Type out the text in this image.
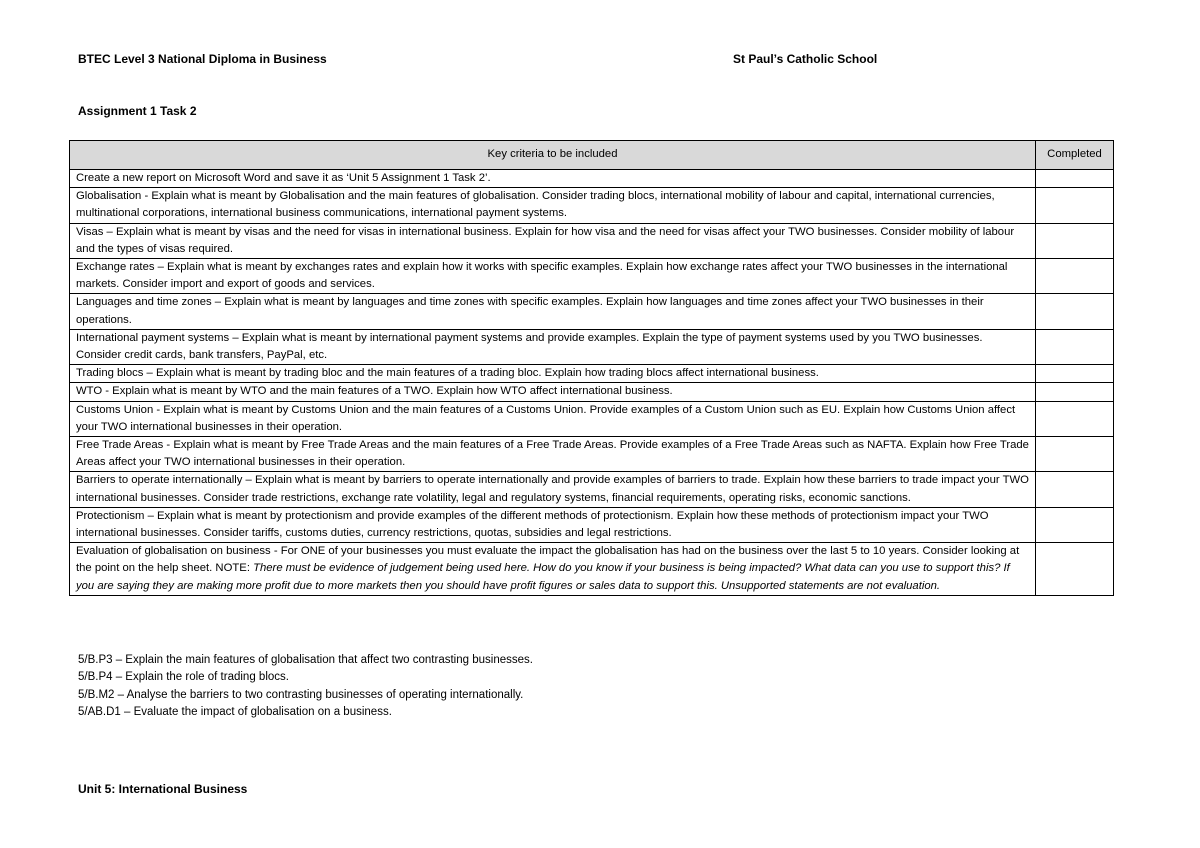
BTEC Level 3 National Diploma in Business	St Paul’s Catholic School
Assignment 1 Task 2
Key criteria to be included	Completed
Create a new report on Microsoft Word and save it as ‘Unit 5 Assignment 1 Task 2’.	
Globalisation - Explain what is meant by Globalisation and the main features of globalisation. Consider trading blocs, international mobility of labour and capital, international currencies, multinational corporations, international business communications, international payment systems.	
Visas – Explain what is meant by visas and the need for visas in international business. Explain for how visa and the need for visas affect your TWO businesses. Consider mobility of labour and the types of visas required.	
Exchange rates – Explain what is meant by exchanges rates and explain how it works with specific examples. Explain how exchange rates affect your TWO businesses in the international markets. Consider import and export of goods and services.	
Languages and time zones – Explain what is meant by languages and time zones with specific examples. Explain how languages and time zones affect your TWO businesses in their operations.	
International payment systems – Explain what is meant by international payment systems and provide examples. Explain the type of payment systems used by you TWO businesses. Consider credit cards, bank transfers, PayPal, etc.	
Trading blocs – Explain what is meant by trading bloc and the main features of a trading bloc. Explain how trading blocs affect international business.	
WTO - Explain what is meant by WTO and the main features of a TWO. Explain how WTO affect international business.	
Customs Union - Explain what is meant by Customs Union and the main features of a Customs Union. Provide examples of a Custom Union such as EU. Explain how Customs Union affect your TWO international businesses in their operation.	
Free Trade Areas - Explain what is meant by Free Trade Areas and the main features of a Free Trade Areas. Provide examples of a Free Trade Areas such as NAFTA. Explain how Free Trade Areas affect your TWO international businesses in their operation.	
Barriers to operate internationally – Explain what is meant by barriers to operate internationally and provide examples of barriers to trade. Explain how these barriers to trade impact your TWO international businesses. Consider trade restrictions, exchange rate volatility, legal and regulatory systems, financial requirements, operating risks, economic sanctions.	
Protectionism – Explain what is meant by protectionism and provide examples of the different methods of protectionism. Explain how these methods of protectionism impact your TWO international businesses. Consider tariffs, customs duties, currency restrictions, quotas, subsidies and legal restrictions.	
Evaluation of globalisation on business - For ONE of your businesses you must evaluate the impact the globalisation has had on the business over the last 5 to 10 years. Consider looking at the point on the help sheet. NOTE: There must be evidence of judgement being used here. How do you know if your business is being impacted? What data can you use to support this? If you are saying they are making more profit due to more markets then you should have profit figures or sales data to support this. Unsupported statements are not evaluation.	
5/B.P3 – Explain the main features of globalisation that affect two contrasting businesses.
5/B.P4 – Explain the role of trading blocs.
5/B.M2 – Analyse the barriers to two contrasting businesses of operating internationally.
5/AB.D1 – Evaluate the impact of globalisation on a business.
Unit 5: International Business
